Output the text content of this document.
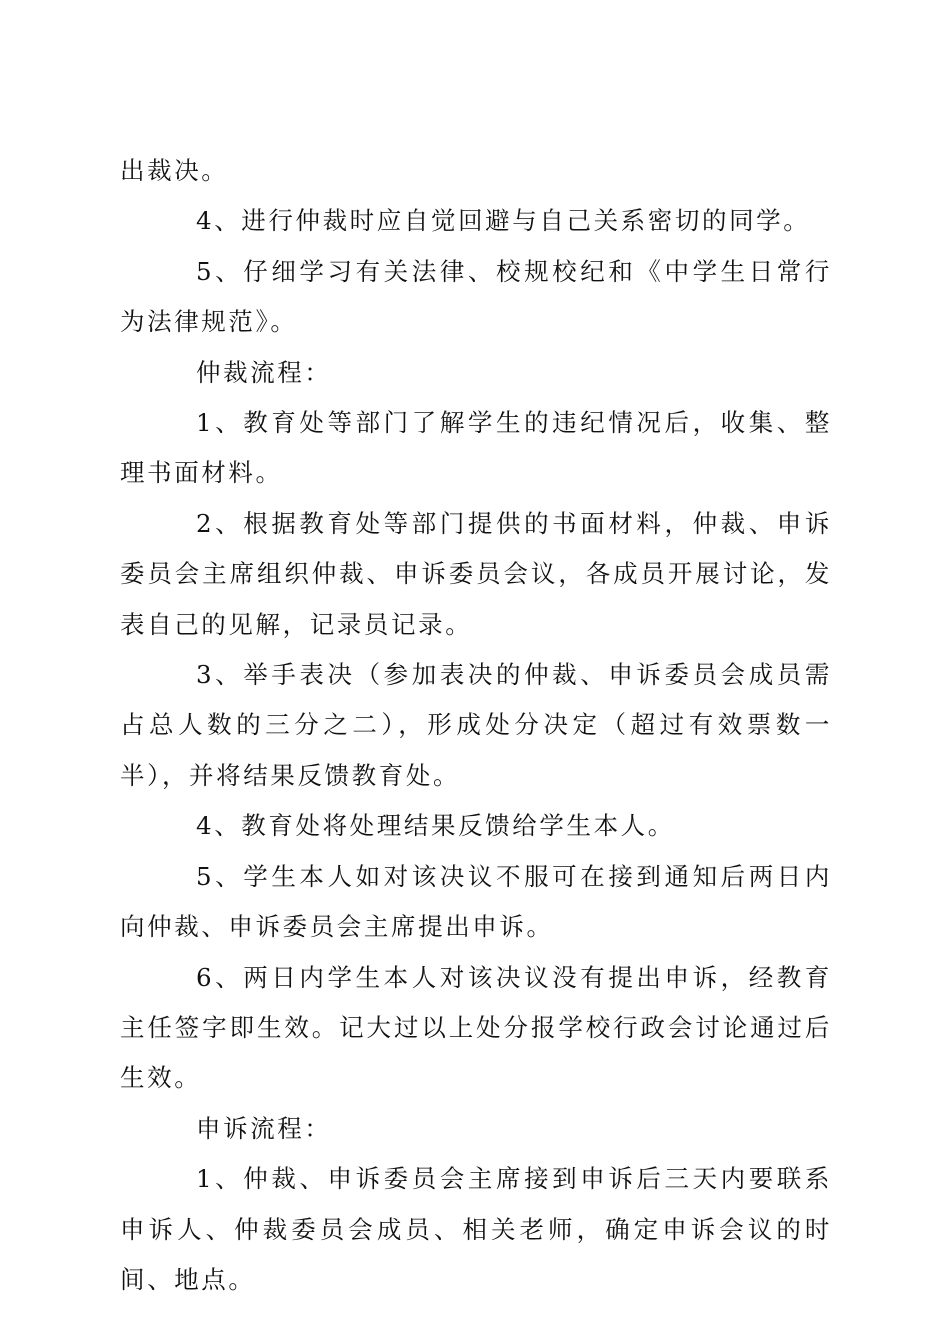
出裁决。

4、进行仲裁时应自觉回避与自己关系密切的同学。

5、仔细学习有关法律、校规校纪和《中学生日常行为法律规范》。

仲裁流程：

1、教育处等部门了解学生的违纪情况后，收集、整理书面材料。

2、根据教育处等部门提供的书面材料，仲裁、申诉委员会主席组织仲裁、申诉委员会议，各成员开展讨论，发表自己的见解，记录员记录。

3、举手表决（参加表决的仲裁、申诉委员会成员需占总人数的三分之二），形成处分决定（超过有效票数一半），并将结果反馈教育处。

4、教育处将处理结果反馈给学生本人。

5、学生本人如对该决议不服可在接到通知后两日内向仲裁、申诉委员会主席提出申诉。

6、两日内学生本人对该决议没有提出申诉，经教育主任签字即生效。记大过以上处分报学校行政会讨论通过后生效。

申诉流程：

1、仲裁、申诉委员会主席接到申诉后三天内要联系申诉人、仲裁委员会成员、相关老师，确定申诉会议的时间、地点。
